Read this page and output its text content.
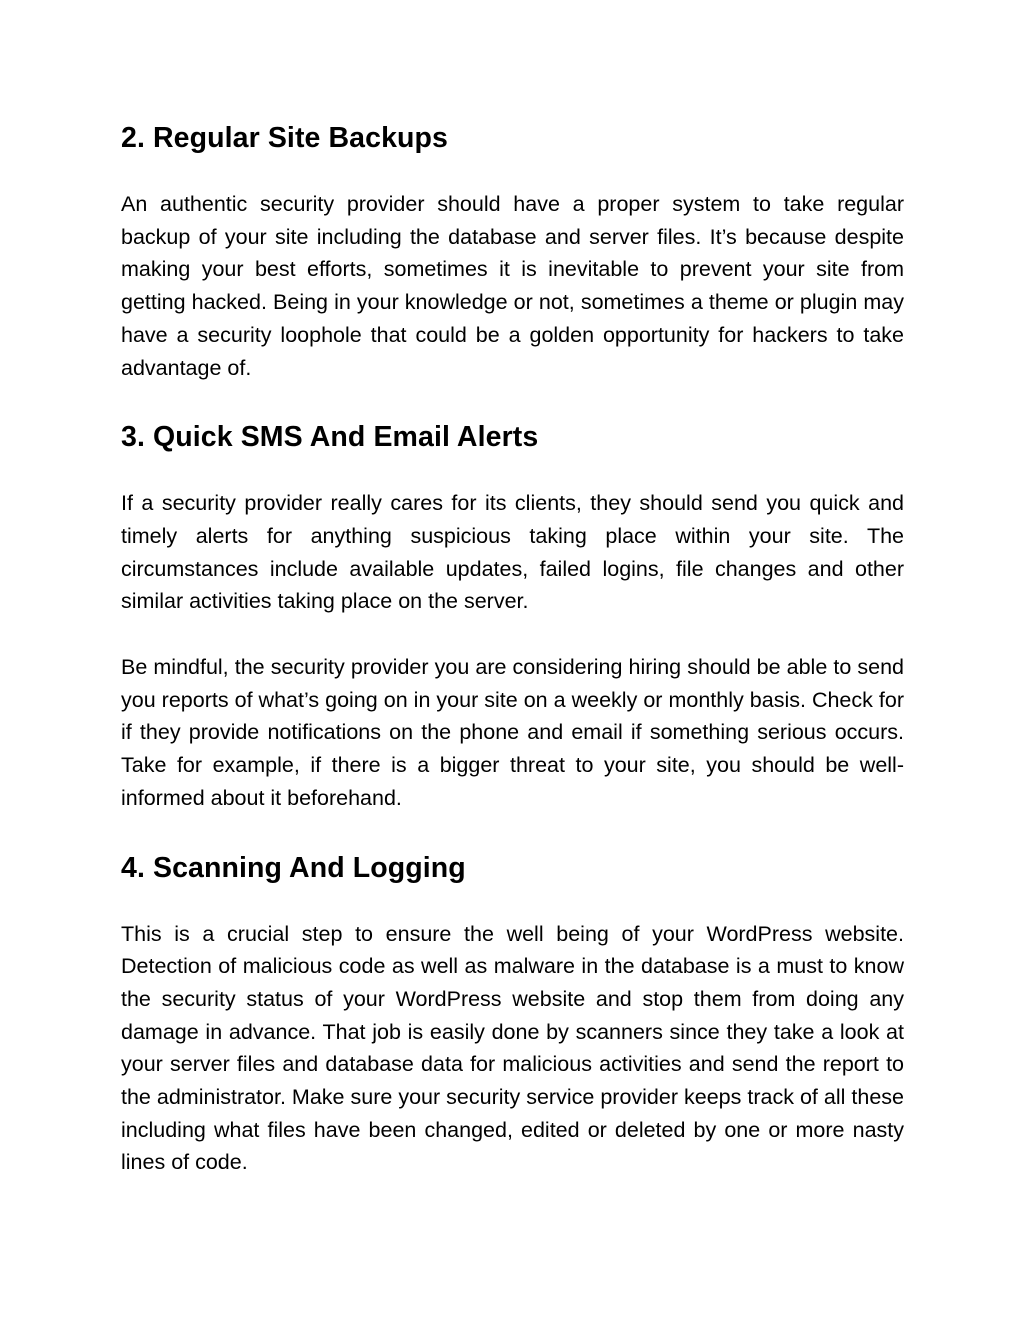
2. Regular Site Backups

An authentic security provider should have a proper system to take regular backup of your site including the database and server files. It’s because despite making your best efforts, sometimes it is inevitable to prevent your site from getting hacked. Being in your knowledge or not, sometimes a theme or plugin may have a security loophole that could be a golden opportunity for hackers to take advantage of.

3. Quick SMS And Email Alerts

If a security provider really cares for its clients, they should send you quick and timely alerts for anything suspicious taking place within your site. The circumstances include available updates, failed logins, file changes and other similar activities taking place on the server.

Be mindful, the security provider you are considering hiring should be able to send you reports of what’s going on in your site on a weekly or monthly basis. Check for if they provide notifications on the phone and email if something serious occurs. Take for example, if there is a bigger threat to your site, you should be well-informed about it beforehand.

4. Scanning And Logging

This is a crucial step to ensure the well being of your WordPress website. Detection of malicious code as well as malware in the database is a must to know the security status of your WordPress website and stop them from doing any damage in advance. That job is easily done by scanners since they take a look at your server files and database data for malicious activities and send the report to the administrator. Make sure your security service provider keeps track of all these including what files have been changed, edited or deleted by one or more nasty lines of code.
